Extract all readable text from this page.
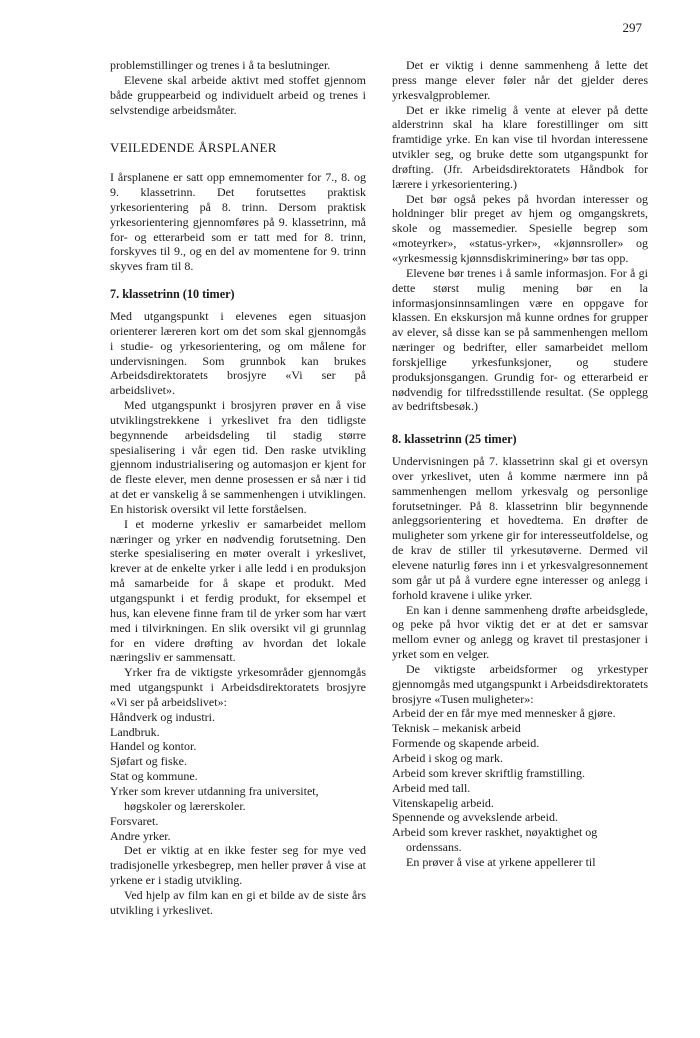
297

problemstillinger og trenes i å ta beslutninger.

Elevene skal arbeide aktivt med stoffet gjennom både gruppearbeid og individuelt arbeid og trenes i selvstendige arbeidsmåter.

VEILEDENDE ÅRSPLANER

I årsplanene er satt opp emnemomenter for 7., 8. og 9. klassetrinn. Det forutsettes praktisk yrkesorientering på 8. trinn. Dersom praktisk yrkesorientering gjennomføres på 9. klassetrinn, må for- og etterarbeid som er tatt med for 8. trinn, forskyves til 9., og en del av momentene for 9. trinn skyves fram til 8.

7. klassetrinn (10 timer)

Med utgangspunkt i elevenes egen situasjon orienterer læreren kort om det som skal gjennomgås i studie- og yrkesorientering, og om målene for undervisningen. Som grunnbok kan brukes Arbeidsdirektoratets brosjyre «Vi ser på arbeidslivet».

Med utgangspunkt i brosjyren prøver en å vise utviklingstrekkene i yrkeslivet fra den tidligste begynnende arbeidsdeling til stadig større spesialisering i vår egen tid. Den raske utvikling gjennom industrialisering og automasjon er kjent for de fleste elever, men denne prosessen er så nær i tid at det er vanskelig å se sammenhengen i utviklingen. En historisk oversikt vil lette forståelsen.

I et moderne yrkesliv er samarbeidet mellom næringer og yrker en nødvendig forutsetning. Den sterke spesialisering en møter overalt i yrkeslivet, krever at de enkelte yrker i alle ledd i en produksjon må samarbeide for å skape et produkt. Med utgangspunkt i et ferdig produkt, for eksempel et hus, kan elevene finne fram til de yrker som har vært med i tilvirkningen. En slik oversikt vil gi grunnlag for en videre drøfting av hvordan det lokale næringsliv er sammensatt.

Yrker fra de viktigste yrkesområder gjennomgås med utgangspunkt i Arbeidsdirektoratets brosjyre «Vi ser på arbeidslivet»:

Håndverk og industri.
Landbruk.
Handel og kontor.
Sjøfart og fiske.
Stat og kommune.
Yrker som krever utdanning fra universitet, høgskoler og lærerskoler.
Forsvaret.
Andre yrker.

Det er viktig at en ikke fester seg for mye ved tradisjonelle yrkesbegrep, men heller prøver å vise at yrkene er i stadig utvikling.

Ved hjelp av film kan en gi et bilde av de siste års utvikling i yrkeslivet.

Det er viktig i denne sammenheng å lette det press mange elever føler når det gjelder deres yrkesvalgproblemer.

Det er ikke rimelig å vente at elever på dette alderstrinn skal ha klare forestillinger om sitt framtidige yrke. En kan vise til hvordan interessene utvikler seg, og bruke dette som utgangspunkt for drøfting. (Jfr. Arbeidsdirektoratets Håndbok for lærere i yrkesorientering.)

Det bør også pekes på hvordan interesser og holdninger blir preget av hjem og omgangskrets, skole og massemedier. Spesielle begrep som «moteyrker», «status-yrker», «kjønnsroller» og «yrkesmessig kjønnsdiskriminering» bør tas opp.

Elevene bør trenes i å samle informasjon. For å gi dette størst mulig mening bør en la informasjonsinnsamlingen være en oppgave for klassen. En ekskursjon må kunne ordnes for grupper av elever, så disse kan se på sammenhengen mellom næringer og bedrifter, eller samarbeidet mellom forskjellige yrkesfunksjoner, og studere produksjonsgangen. Grundig for- og etterarbeid er nødvendig for tilfredsstillende resultat. (Se opplegg av bedriftsbesøk.)

8. klassetrinn (25 timer)

Undervisningen på 7. klassetrinn skal gi et oversyn over yrkeslivet, uten å komme nærmere inn på sammenhengen mellom yrkesvalg og personlige forutsetninger. På 8. klassetrinn blir begynnende anleggsorientering et hovedtema. En drøfter de muligheter som yrkene gir for interesseutfoldelse, og de krav de stiller til yrkesutøverne. Dermed vil elevene naturlig føres inn i et yrkesvalgresonnement som går ut på å vurdere egne interesser og anlegg i forhold kravene i ulike yrker.

En kan i denne sammenheng drøfte arbeidsglede, og peke på hvor viktig det er at det er samsvar mellom evner og anlegg og kravet til prestasjoner i yrket som en velger.

De viktigste arbeidsformer og yrkestyper gjennomgås med utgangspunkt i Arbeidsdirektoratets brosjyre «Tusen muligheter»:

Arbeid der en får mye med mennesker å gjøre.
Teknisk – mekanisk arbeid
Formende og skapende arbeid.
Arbeid i skog og mark.
Arbeid som krever skriftlig framstilling.
Arbeid med tall.
Vitenskapelig arbeid.
Spennende og avvekslende arbeid.
Arbeid som krever raskhet, nøyaktighet og ordenssans.

En prøver å vise at yrkene appellerer til
